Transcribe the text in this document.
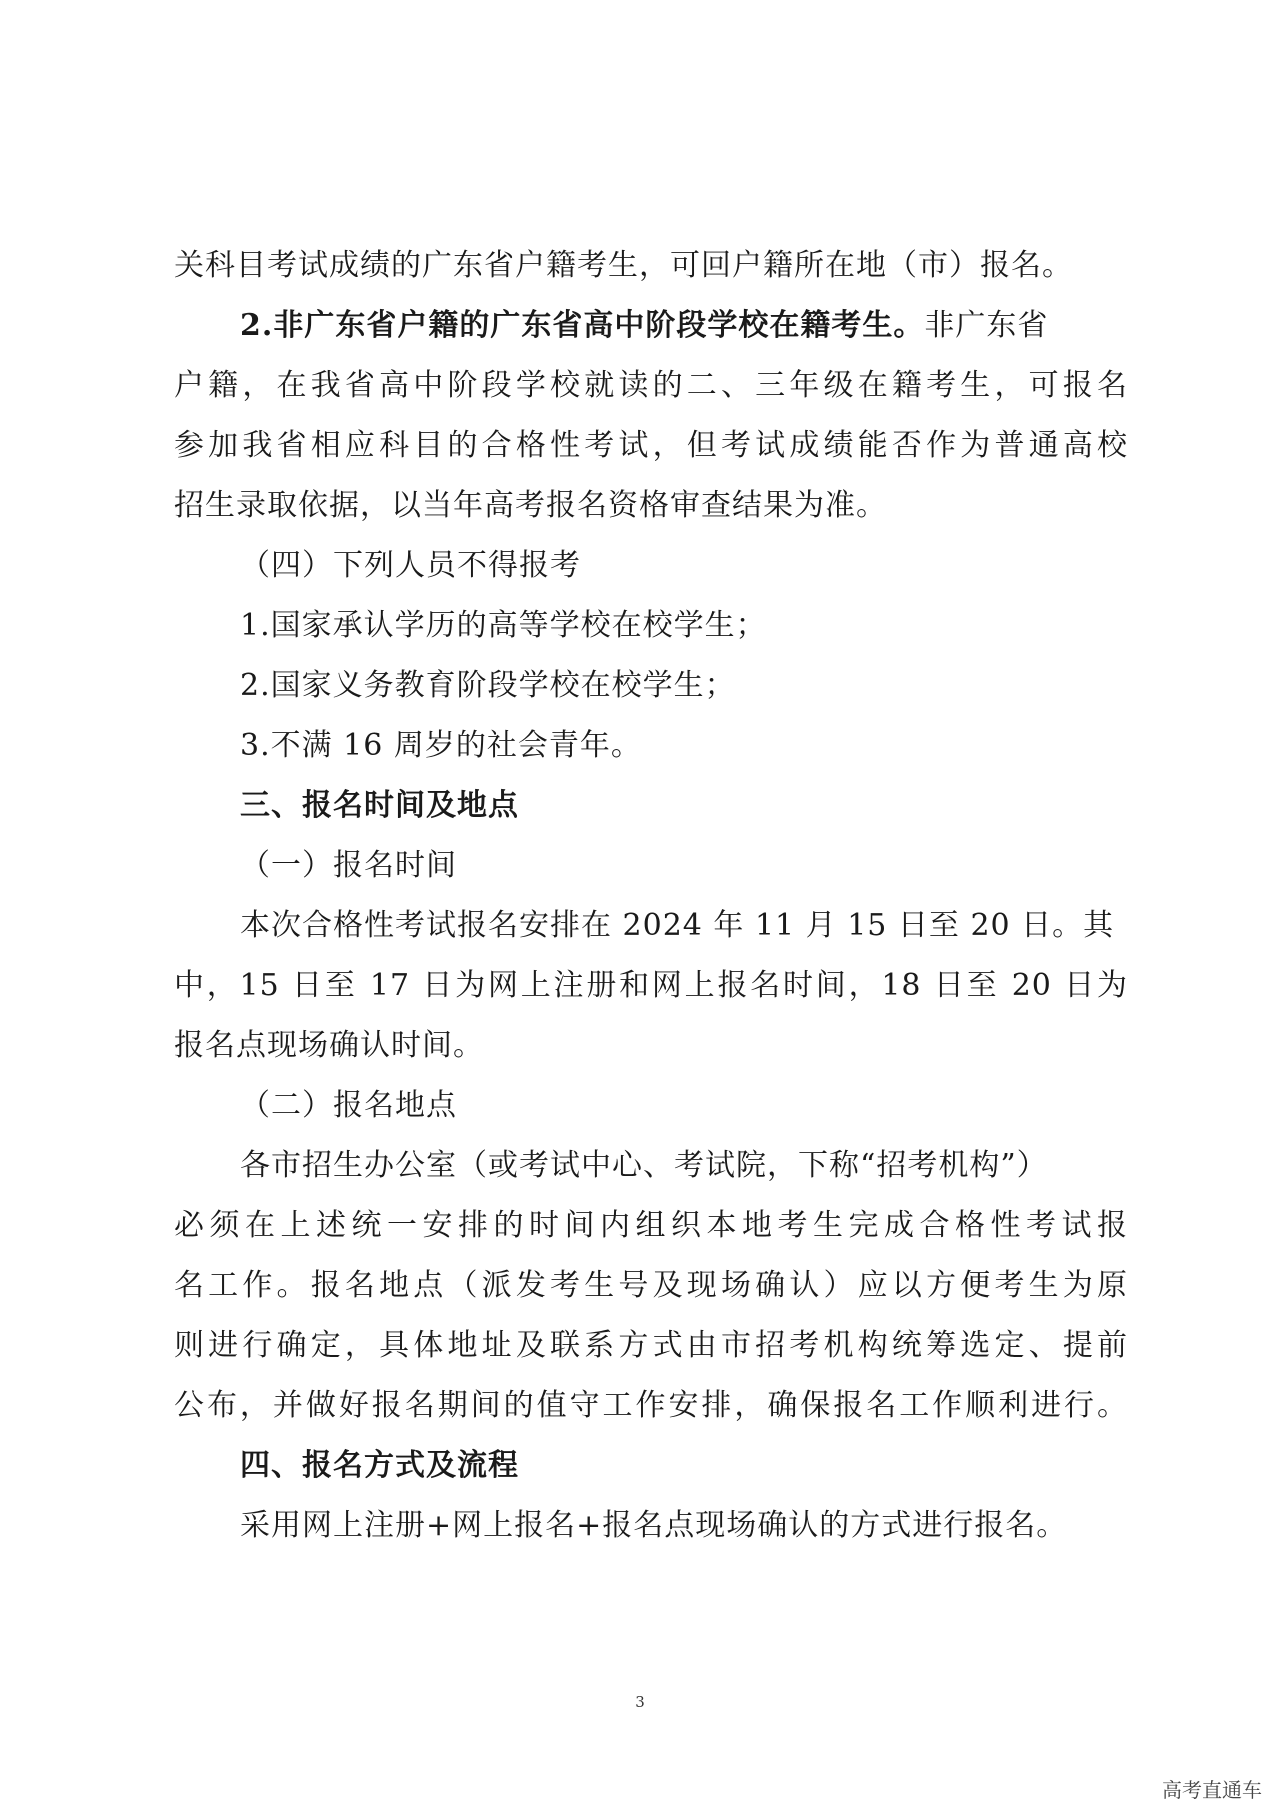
关科目考试成绩的广东省户籍考生，可回户籍所在地（市）报名。
2.非广东省户籍的广东省高中阶段学校在籍考生。非广东省
户籍，在我省高中阶段学校就读的二、三年级在籍考生，可报名
参加我省相应科目的合格性考试，但考试成绩能否作为普通高校
招生录取依据，以当年高考报名资格审查结果为准。
（四）下列人员不得报考
1.国家承认学历的高等学校在校学生；
2.国家义务教育阶段学校在校学生；
3.不满 16 周岁的社会青年。
三、报名时间及地点
（一）报名时间
本次合格性考试报名安排在 2024 年 11 月 15 日至 20 日。其
中，15 日至 17 日为网上注册和网上报名时间，18 日至 20 日为
报名点现场确认时间。
（二）报名地点
各市招生办公室（或考试中心、考试院，下称“招考机构”）
必须在上述统一安排的时间内组织本地考生完成合格性考试报
名工作。报名地点（派发考生号及现场确认）应以方便考生为原
则进行确定，具体地址及联系方式由市招考机构统筹选定、提前
公布，并做好报名期间的值守工作安排，确保报名工作顺利进行。
四、报名方式及流程
采用网上注册+网上报名+报名点现场确认的方式进行报名。
3
高考直通车
